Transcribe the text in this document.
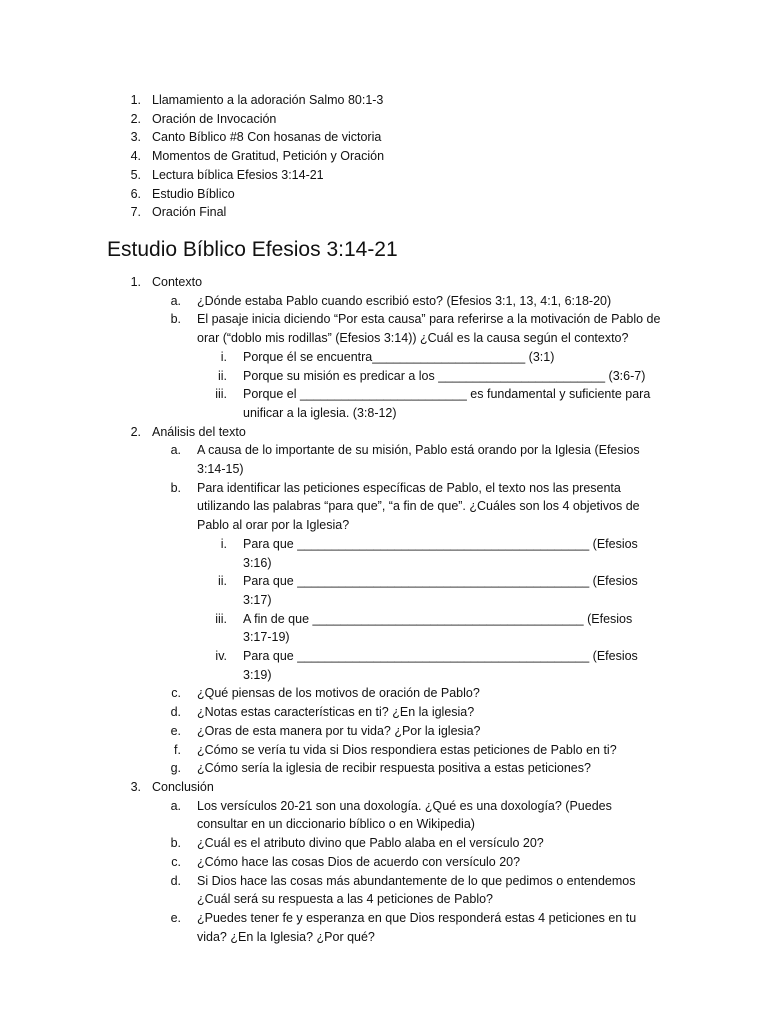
1. Llamamiento a la adoración Salmo 80:1-3
2. Oración de Invocación
3. Canto Bíblico #8 Con hosanas de victoria
4. Momentos de Gratitud, Petición y Oración
5. Lectura bíblica Efesios 3:14-21
6. Estudio Bíblico
7. Oración Final
Estudio Bíblico Efesios 3:14-21
1. Contexto
a. ¿Dónde estaba Pablo cuando escribió esto? (Efesios 3:1, 13, 4:1, 6:18-20)
b. El pasaje inicia diciendo “Por esta causa” para referirse a la motivación de Pablo de orar (“doblo mis rodillas” (Efesios 3:14)) ¿Cuál es la causa según el contexto?
i. Porque él se encuentra______________________ (3:1)
ii. Porque su misión es predicar a los ________________________ (3:6-7)
iii. Porque el ________________________ es fundamental y suficiente para unificar a la iglesia. (3:8-12)
2. Análisis del texto
a. A causa de lo importante de su misión, Pablo está orando por la Iglesia (Efesios 3:14-15)
b. Para identificar las peticiones específicas de Pablo, el texto nos las presenta utilizando las palabras “para que”, “a fin de que”. ¿Cuáles son los 4 objetivos de Pablo al orar por la Iglesia?
i. Para que __________________________________________ (Efesios 3:16)
ii. Para que __________________________________________ (Efesios 3:17)
iii. A fin de que _______________________________________ (Efesios 3:17-19)
iv. Para que __________________________________________ (Efesios 3:19)
c. ¿Qué piensas de los motivos de oración de Pablo?
d. ¿Notas estas características en ti? ¿En la iglesia?
e. ¿Oras de esta manera por tu vida? ¿Por la iglesia?
f. ¿Cómo se vería tu vida si Dios respondiera estas peticiones de Pablo en ti?
g. ¿Cómo sería la iglesia de recibir respuesta positiva a estas peticiones?
3. Conclusión
a. Los versículos 20-21 son una doxología. ¿Qué es una doxología? (Puedes consultar en un diccionario bíblico o en Wikipedia)
b. ¿Cuál es el atributo divino que Pablo alaba en el versículo 20?
c. ¿Cómo hace las cosas Dios de acuerdo con versículo 20?
d. Si Dios hace las cosas más abundantemente de lo que pedimos o entendemos ¿Cuál será su respuesta a las 4 peticiones de Pablo?
e. ¿Puedes tener fe y esperanza en que Dios responderá estas 4 peticiones en tu vida? ¿En la Iglesia? ¿Por qué?
